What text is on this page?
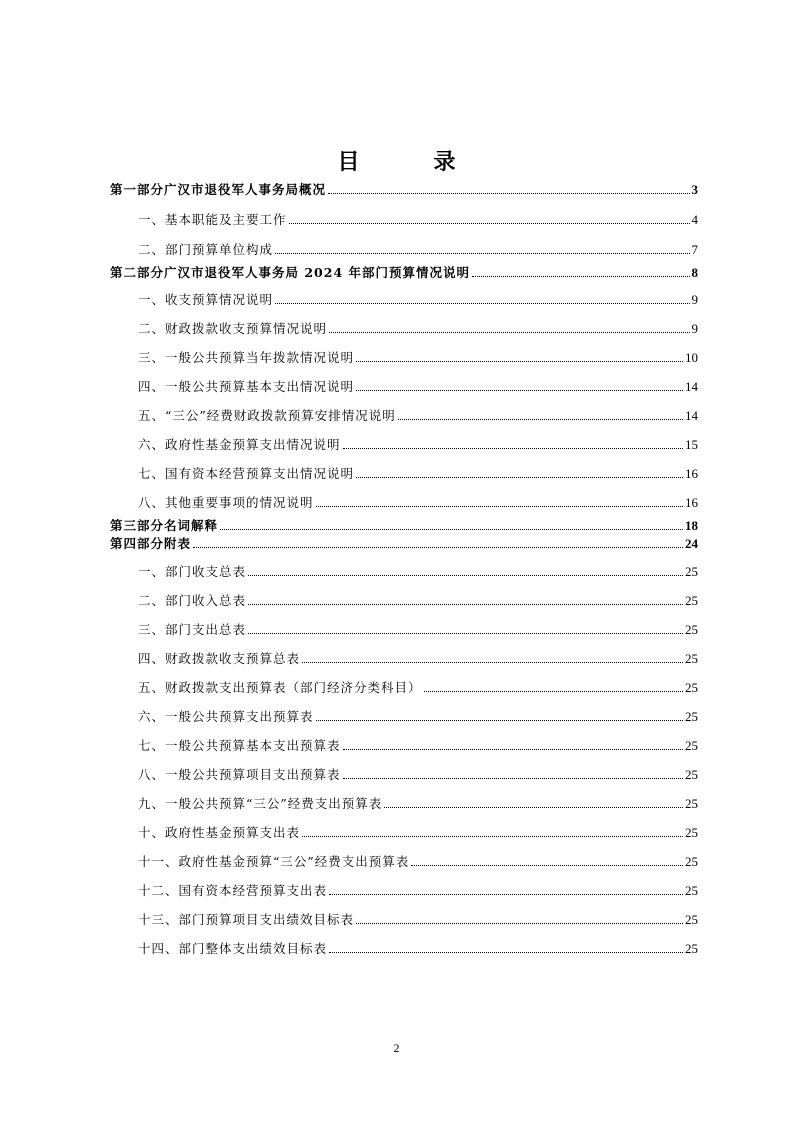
目　录
第一部分广汉市退役军人事务局概况	3
一、基本职能及主要工作	4
二、部门预算单位构成	7
第二部分广汉市退役军人事务局 2024 年部门预算情况说明	8
一、收支预算情况说明	9
二、财政拨款收支预算情况说明	9
三、一般公共预算当年拨款情况说明	10
四、一般公共预算基本支出情况说明	14
五、“三公”经费财政拨款预算安排情况说明	14
六、政府性基金预算支出情况说明	15
七、国有资本经营预算支出情况说明	16
八、其他重要事项的情况说明	16
第三部分名词解释	18
第四部分附表	24
一、部门收支总表	25
二、部门收入总表	25
三、部门支出总表	25
四、财政拨款收支预算总表	25
五、财政拨款支出预算表（部门经济分类科目）	25
六、一般公共预算支出预算表	25
七、一般公共预算基本支出预算表	25
八、一般公共预算项目支出预算表	25
九、一般公共预算“三公”经费支出预算表	25
十、政府性基金预算支出表	25
十一、政府性基金预算“三公”经费支出预算表	25
十二、国有资本经营预算支出表	25
十三、部门预算项目支出绩效目标表	25
十四、部门整体支出绩效目标表	25
2
